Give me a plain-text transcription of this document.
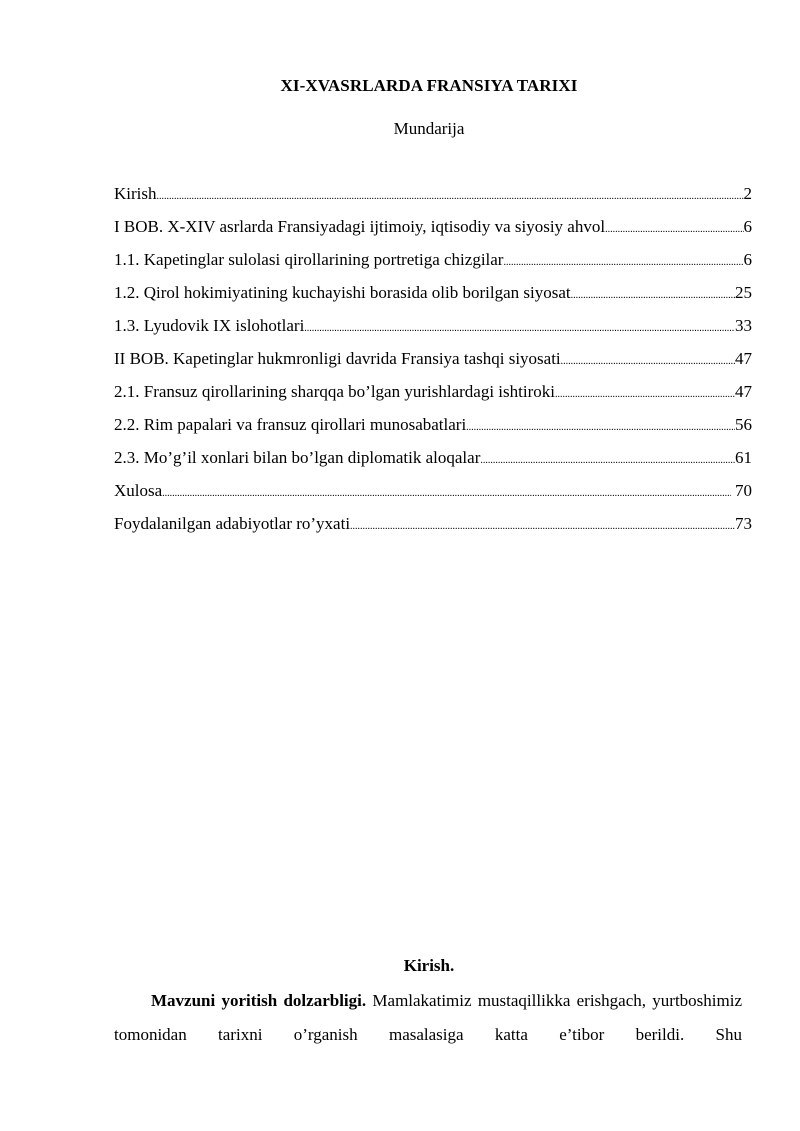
XI-XVASRLARDA FRANSIYA TARIXI
Mundarija
Kirish .....	2
I BOB. X-XIV asrlarda Fransiyadagi ijtimoiy, iqtisodiy va siyosiy ahvol .....	6
1.1. Kapetinglar sulolasi qirollarining portretiga chizgilar .....	6
1.2. Qirol hokimiyatining kuchayishi borasida olib borilgan siyosat .....	25
1.3. Lyudovik IX islohotlari .....	33
II BOB. Kapetinglar hukmronligi davrida Fransiya tashqi siyosati .....	47
2.1. Fransuz qirollarining sharqqa bo’lgan yurishlardagi ishtiroki .....	47
2.2. Rim papalari va fransuz qirollari munosabatlari .....	56
2.3. Mo’g’il xonlari bilan bo’lgan diplomatik aloqalar .....	61
Xulosa .....	70
Foydalanilgan adabiyotlar ro’yxati .....	73
Kirish.

Mavzuni yoritish dolzarbligi. Mamlakatimiz mustaqillikka erishgach, yurtboshimiz tomonidan tarixni o’rganish masalasiga katta e’tibor berildi. Shu
